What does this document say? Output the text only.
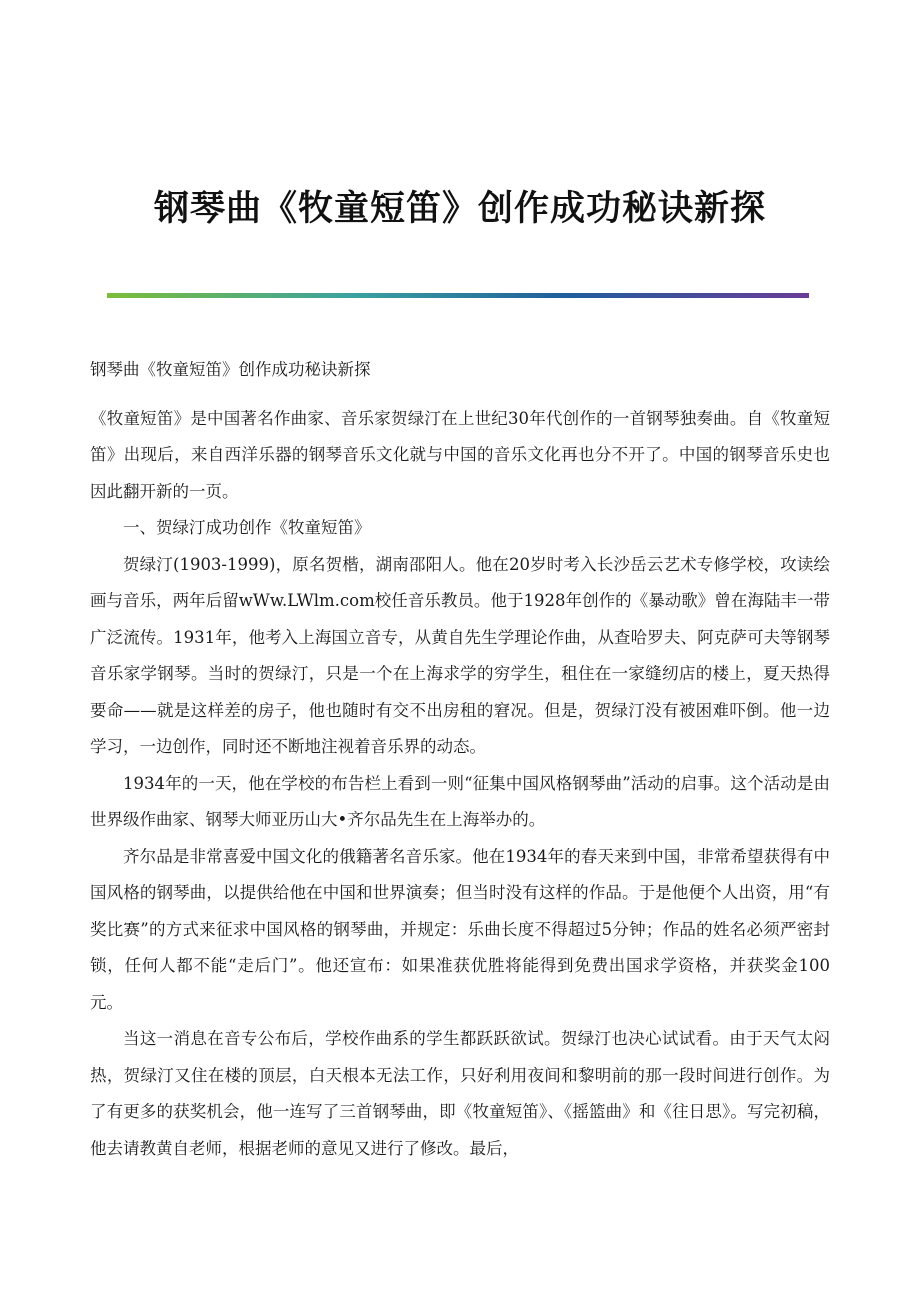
钢琴曲《牧童短笛》创作成功秘诀新探

钢琴曲《牧童短笛》创作成功秘诀新探

《牧童短笛》是中国著名作曲家、音乐家贺绿汀在上世纪30年代创作的一首钢琴独奏曲。自《牧童短笛》出现后，来自西洋乐器的钢琴音乐文化就与中国的音乐文化再也分不开了。中国的钢琴音乐史也因此翻开新的一页。

一、贺绿汀成功创作《牧童短笛》

贺绿汀(1903-1999)，原名贺楷，湖南邵阳人。他在20岁时考入长沙岳云艺术专修学校，攻读绘画与音乐，两年后留wWw.LWlm.com校任音乐教员。他于1928年创作的《暴动歌》曾在海陆丰一带广泛流传。1931年，他考入上海国立音专，从黄自先生学理论作曲，从查哈罗夫、阿克萨可夫等钢琴音乐家学钢琴。当时的贺绿汀，只是一个在上海求学的穷学生，租住在一家缝纫店的楼上，夏天热得要命——就是这样差的房子，他也随时有交不出房租的窘况。但是，贺绿汀没有被困难吓倒。他一边学习，一边创作，同时还不断地注视着音乐界的动态。

1934年的一天，他在学校的布告栏上看到一则“征集中国风格钢琴曲”活动的启事。这个活动是由世界级作曲家、钢琴大师亚历山大•齐尔品先生在上海举办的。

齐尔品是非常喜爱中国文化的俄籍著名音乐家。他在1934年的春天来到中国，非常希望获得有中国风格的钢琴曲，以提供给他在中国和世界演奏；但当时没有这样的作品。于是他便个人出资，用“有奖比赛”的方式来征求中国风格的钢琴曲，并规定：乐曲长度不得超过5分钟；作品的姓名必须严密封锁，任何人都不能“走后门”。他还宣布：如果准获优胜将能得到免费出国求学资格，并获奖金100元。

当这一消息在音专公布后，学校作曲系的学生都跃跃欲试。贺绿汀也决心试试看。由于天气太闷热，贺绿汀又住在楼的顶层，白天根本无法工作，只好利用夜间和黎明前的那一段时间进行创作。为了有更多的获奖机会，他一连写了三首钢琴曲，即《牧童短笛》、《摇篮曲》和《往日思》。写完初稿，他去请教黄自老师，根据老师的意见又进行了修改。最后，
